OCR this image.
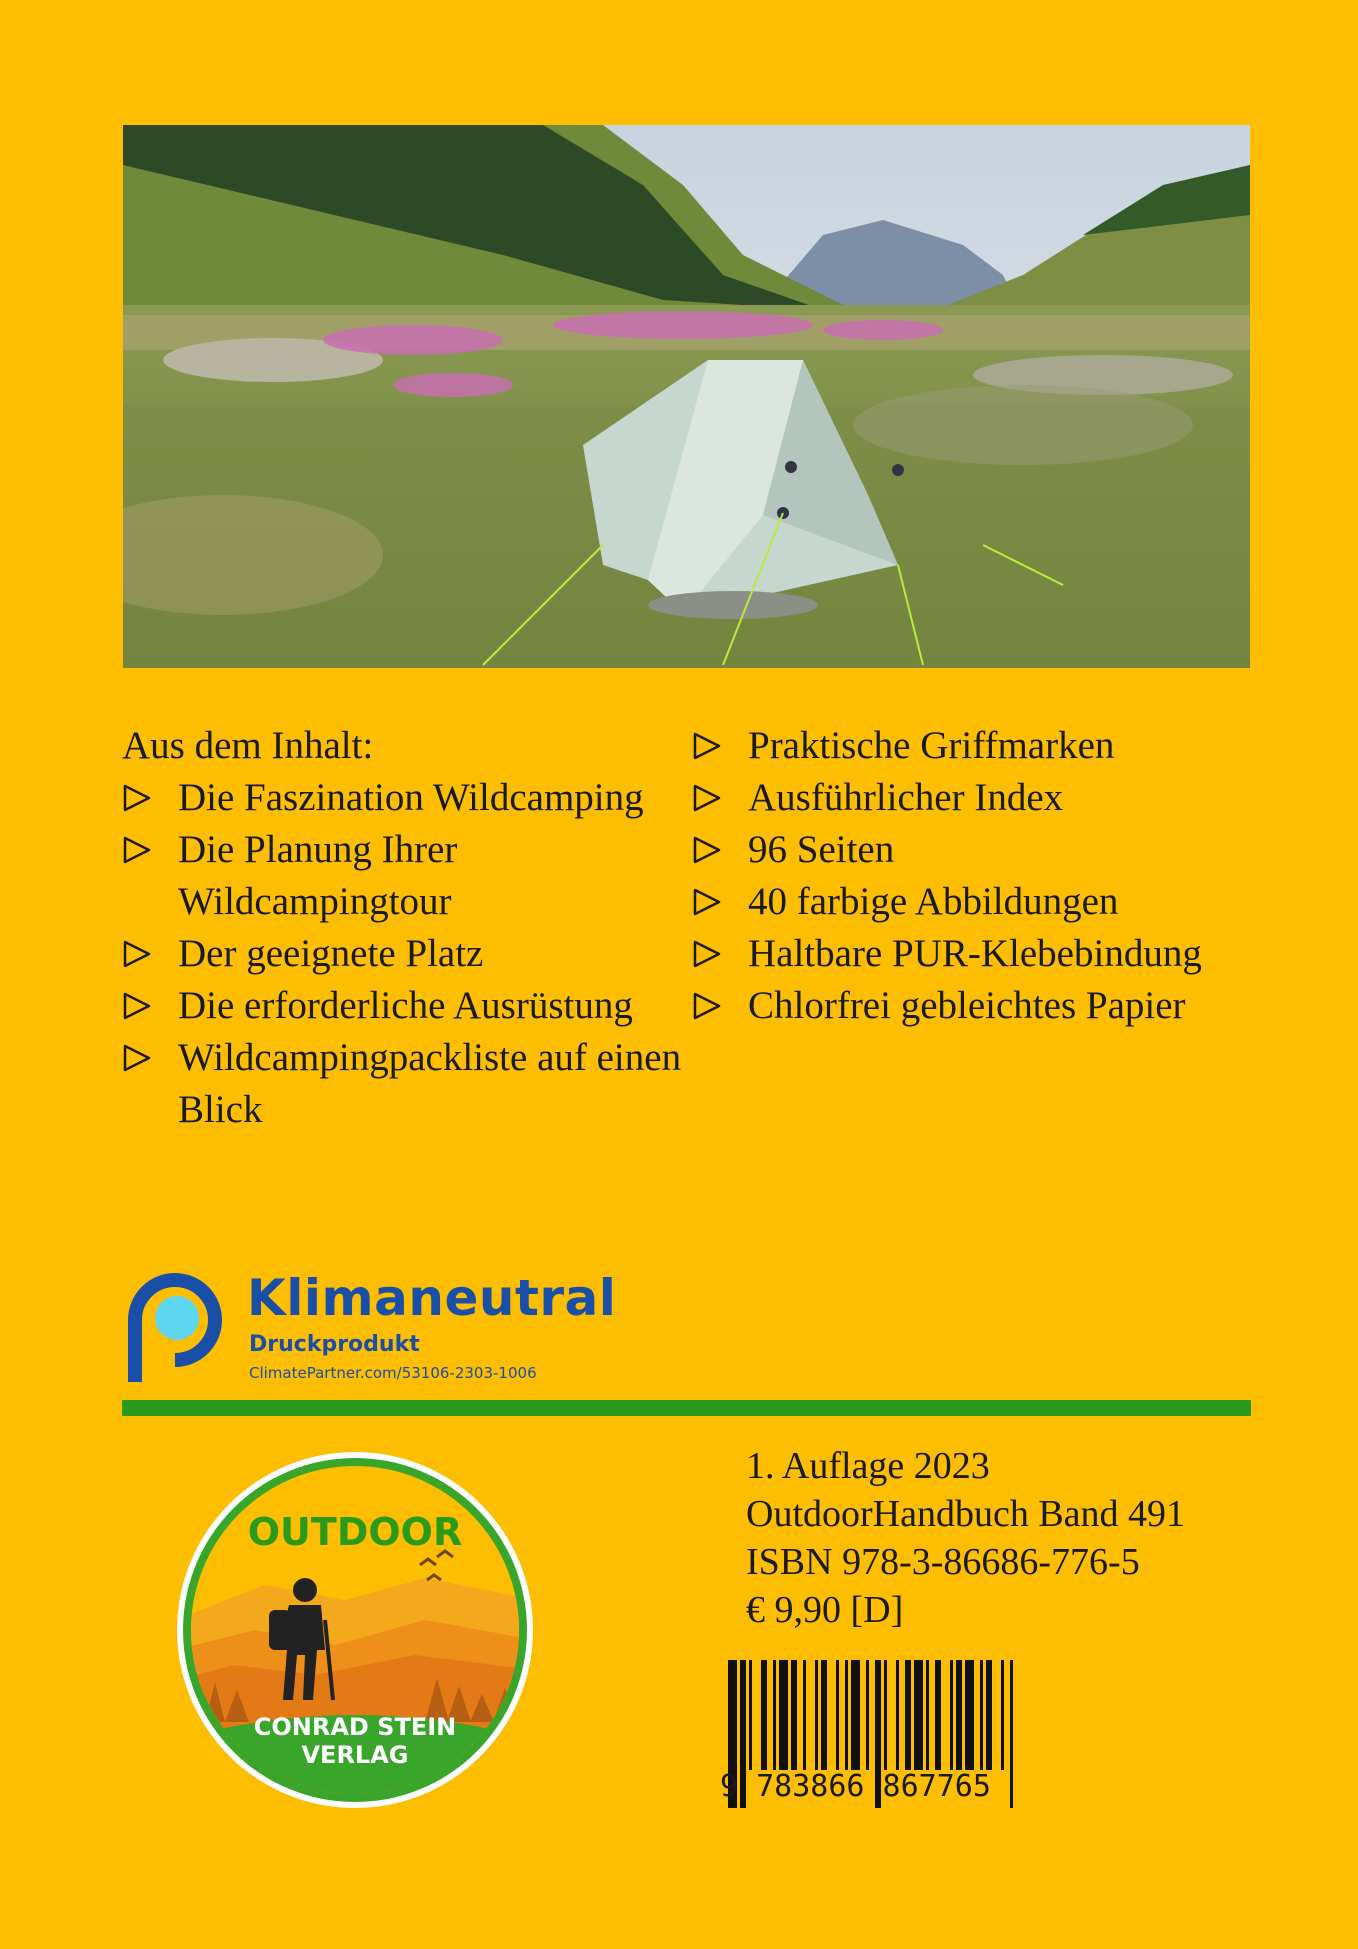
Aus dem Inhalt:
Die Faszination Wildcamping
Die Planung Ihrer Wildcampingtour
Der geeignete Platz
Die erforderliche Ausrüstung
Wildcampingpackliste auf einen Blick
Praktische Griffmarken
Ausführlicher Index
96 Seiten
40 farbige Abbildungen
Haltbare PUR-Klebebindung
Chlorfrei gebleichtes Papier
Klimaneutral
Druckprodukt
ClimatePartner.com/53106-2303-1006
OUTDOOR
CONRAD STEIN
VERLAG
1. Auflage 2023
OutdoorHandbuch Band 491
ISBN 978-3-86686-776-5
€ 9,90 [D]
9 783866 867765
